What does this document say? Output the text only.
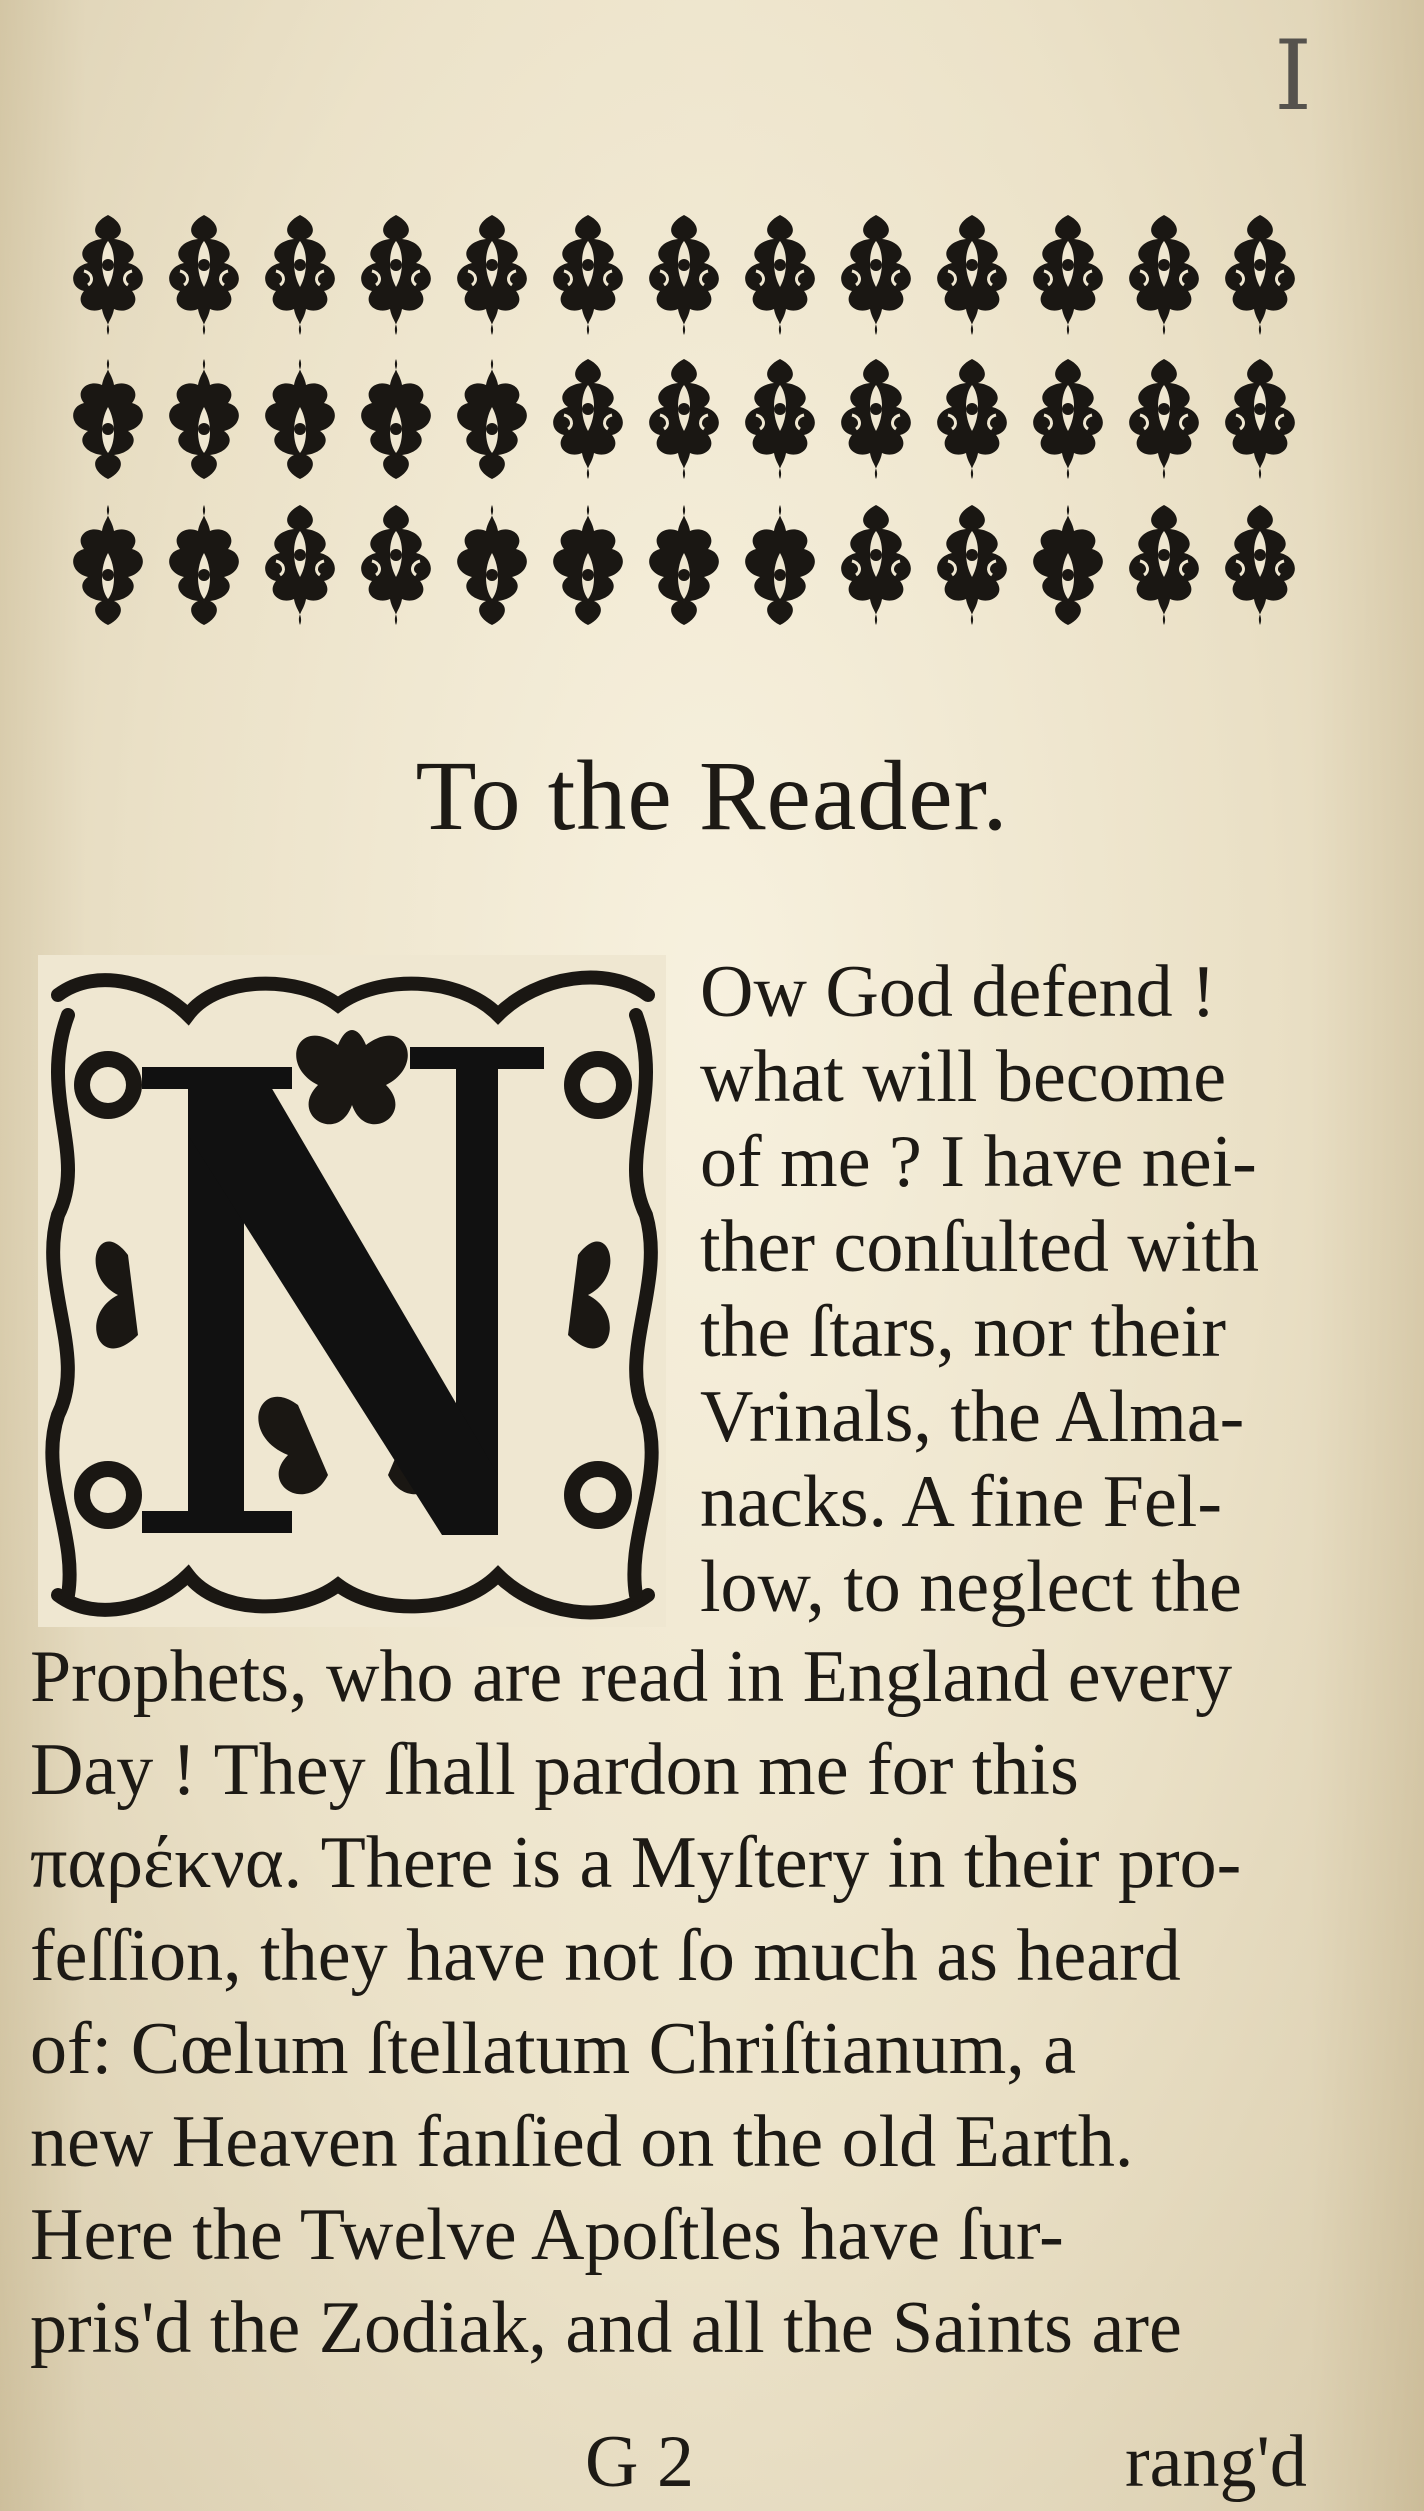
I
To the Reader.
Ow God defend !
what will become
of me ? I have nei-
ther conſulted with
the ſtars, nor their
Vrinals, the Alma-
nacks. A fine Fel-
low, to neglect the
Prophets, who are read in England every
Day ! They ſhall pardon me for this
παρέκνα. There is a Myſtery in their pro-
feſſion, they have not ſo much as heard
of: Cœlum ſtellatum Chriſtianum, a
new Heaven fanſied on the old Earth.
Here the Twelve Apoſtles have ſur-
pris'd the Zodiak, and all the Saints are
G 2	rang'd
